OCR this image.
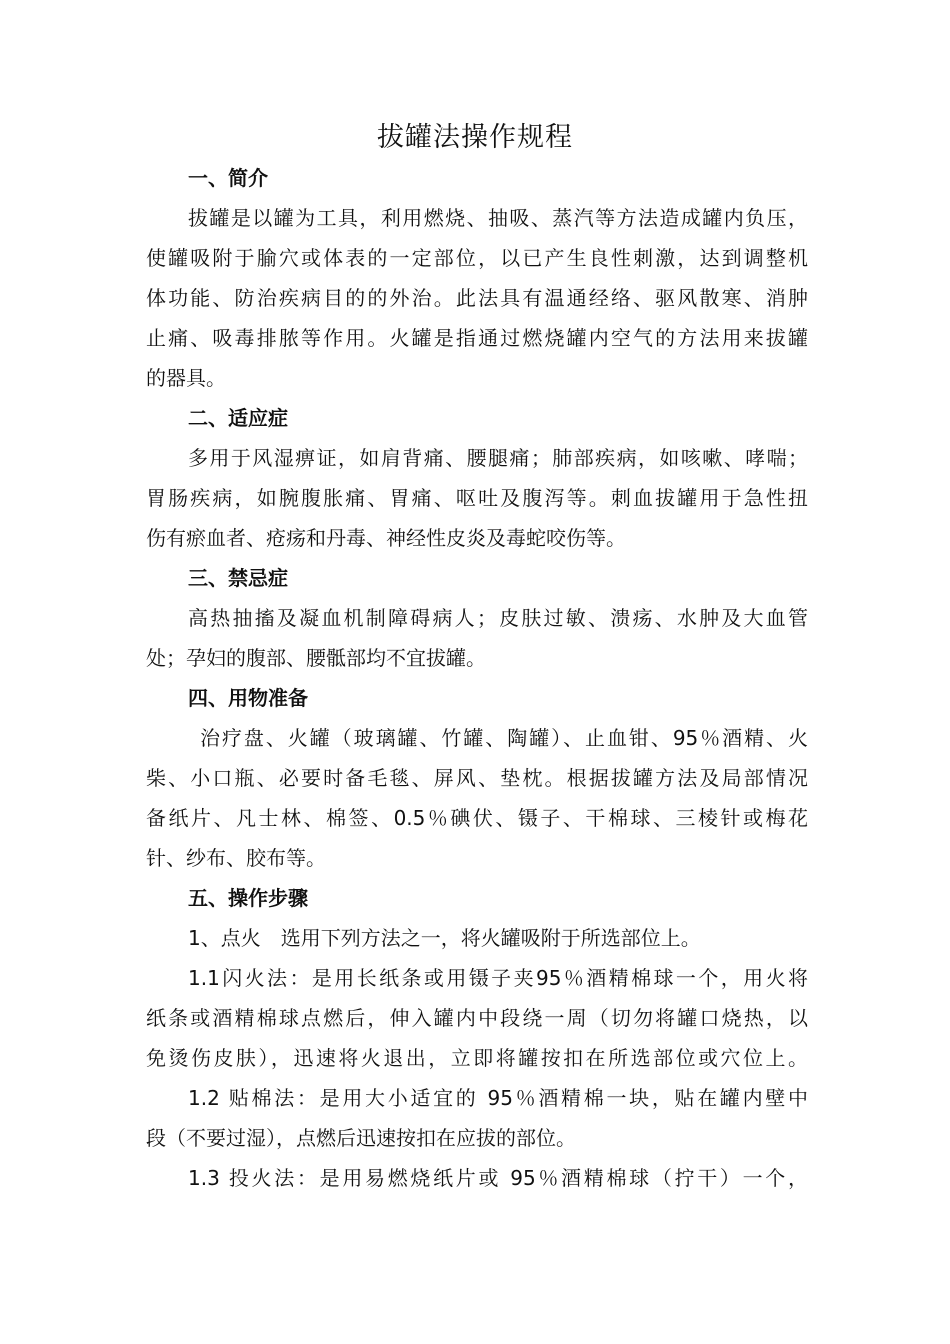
拔罐法操作规程
一、简介
拔罐是以罐为工具，利用燃烧、抽吸、蒸汽等方法造成罐内负压，
使罐吸附于腧穴或体表的一定部位，以已产生良性刺激，达到调整机
体功能、防治疾病目的的外治。此法具有温通经络、驱风散寒、消肿
止痛、吸毒排脓等作用。火罐是指通过燃烧罐内空气的方法用来拔罐
的器具。
二、适应症
多用于风湿痹证，如肩背痛、腰腿痛；肺部疾病，如咳嗽、哮喘；
胃肠疾病，如腕腹胀痛、胃痛、呕吐及腹泻等。刺血拔罐用于急性扭
伤有瘀血者、疮疡和丹毒、神经性皮炎及毒蛇咬伤等。
三、禁忌症
高热抽搐及凝血机制障碍病人；皮肤过敏、溃疡、水肿及大血管
处；孕妇的腹部、腰骶部均不宜拔罐。
四、用物准备
治疗盘、火罐（玻璃罐、竹罐、陶罐）、止血钳、95％酒精、火
柴、小口瓶、必要时备毛毯、屏风、垫枕。根据拔罐方法及局部情况
备纸片、凡士林、棉签、0.5％碘伏、镊子、干棉球、三棱针或梅花
针、纱布、胶布等。
五、操作步骤
1、点火　选用下列方法之一，将火罐吸附于所选部位上。
1.1闪火法：是用长纸条或用镊子夹95％酒精棉球一个，用火将
纸条或酒精棉球点燃后，伸入罐内中段绕一周（切勿将罐口烧热，以
免烫伤皮肤），迅速将火退出，立即将罐按扣在所选部位或穴位上。
1.2 贴棉法：是用大小适宜的 95％酒精棉一块，贴在罐内壁中
段（不要过湿），点燃后迅速按扣在应拔的部位。
1.3 投火法：是用易燃烧纸片或 95％酒精棉球（拧干）一个，
